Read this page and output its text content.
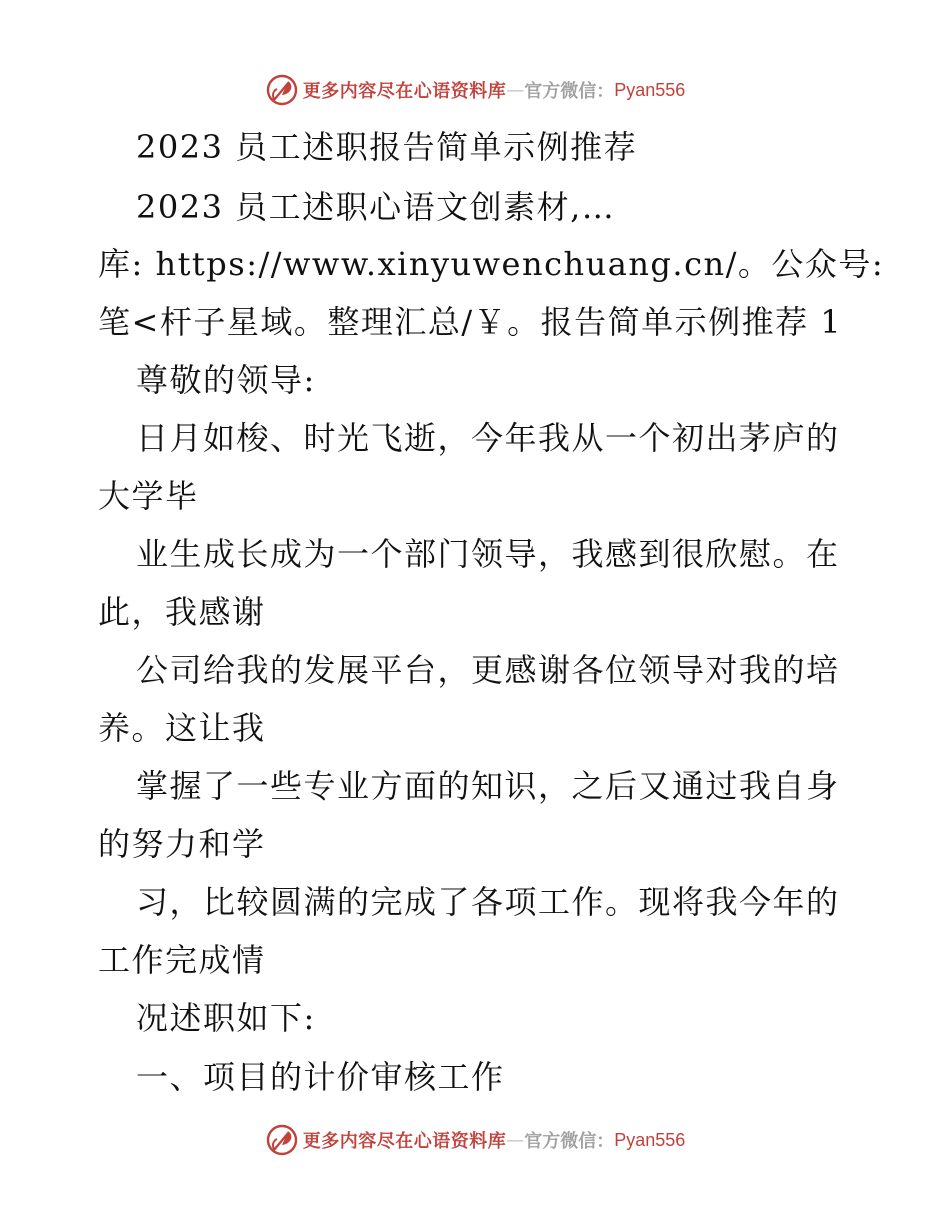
更多内容尽在心语资料库 — 官方微信： Pyan556
2023 员工述职报告简单示例推荐
2023 员工述职心语文创素材,…
库: https://www.xinyuwenchuang.cn/。公众号:
笔<杆子星域。整理汇总/￥。报告简单示例推荐 1
尊敬的领导:
日月如梭、时光飞逝，今年我从一个初出茅庐的
大学毕
业生成长成为一个部门领导，我感到很欣慰。在
此，我感谢
公司给我的发展平台，更感谢各位领导对我的培
养。这让我
掌握了一些专业方面的知识，之后又通过我自身
的努力和学
习，比较圆满的完成了各项工作。现将我今年的
工作完成情
况述职如下:
一、项目的计价审核工作
更多内容尽在心语资料库 — 官方微信： Pyan556
